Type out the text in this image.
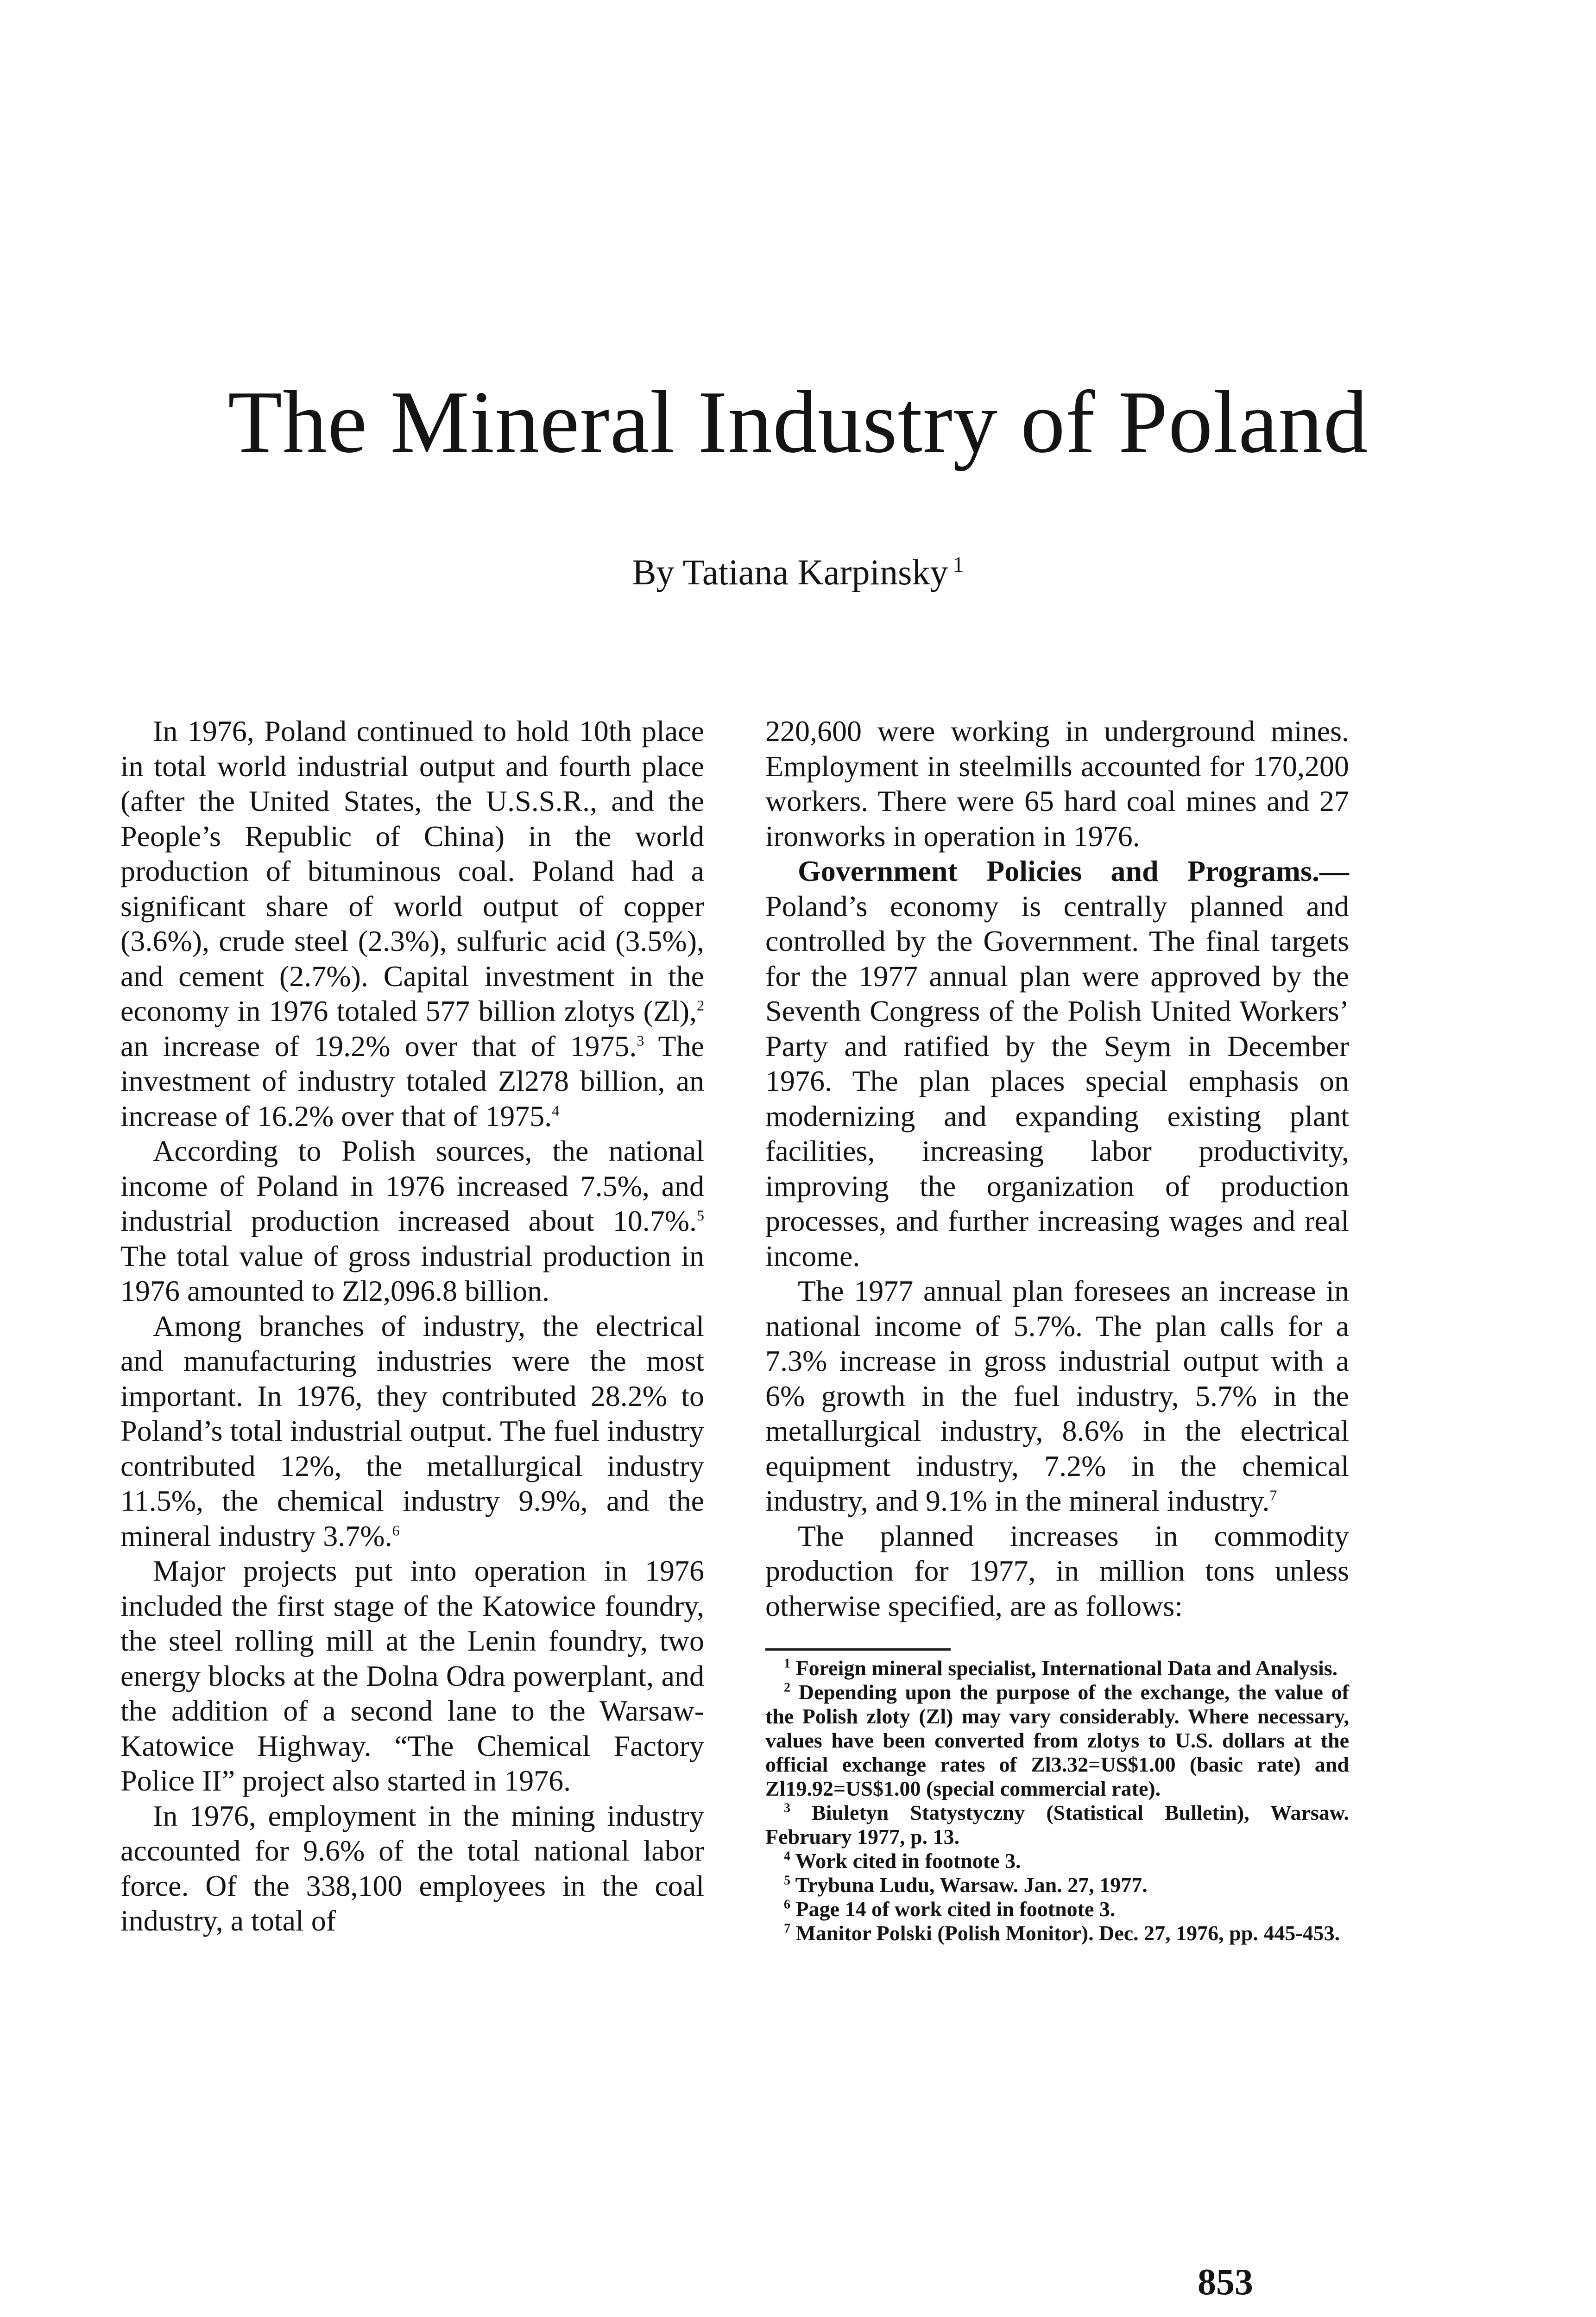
The Mineral Industry of Poland

By Tatiana Karpinsky $^1$

In 1976, Poland continued to hold 10th place in total world industrial output and fourth place (after the United States, the U.S.S.R., and the People’s Republic of China) in the world production of bituminous coal. Poland had a significant share of world output of copper (3.6%), crude steel (2.3%), sulfuric acid (3.5%), and cement (2.7%). Capital investment in the economy in 1976 totaled 577 billion zlotys (Zl),$^2$ an increase of 19.2% over that of 1975.$^3$ The investment of industry totaled Zl278 billion, an increase of 16.2% over that of 1975.$^4$

According to Polish sources, the national income of Poland in 1976 increased 7.5%, and industrial production increased about 10.7%.$^5$ The total value of gross industrial production in 1976 amounted to Zl2,096.8 billion.

Among branches of industry, the electrical and manufacturing industries were the most important. In 1976, they contributed 28.2% to Poland’s total industrial output. The fuel industry contributed 12%, the metallurgical industry 11.5%, the chemical industry 9.9%, and the mineral industry 3.7%.$^6$

Major projects put into operation in 1976 included the first stage of the Katowice foundry, the steel rolling mill at the Lenin foundry, two energy blocks at the Dolna Odra powerplant, and the addition of a second lane to the Warsaw-Katowice Highway. “The Chemical Factory Police II” project also started in 1976.

In 1976, employment in the mining industry accounted for 9.6% of the total national labor force. Of the 338,100 employees in the coal industry, a total of

220,600 were working in underground mines. Employment in steelmills accounted for 170,200 workers. There were 65 hard coal mines and 27 ironworks in operation in 1976.

Government Policies and Programs.—Poland’s economy is centrally planned and controlled by the Government. The final targets for the 1977 annual plan were approved by the Seventh Congress of the Polish United Workers’ Party and ratified by the Seym in December 1976. The plan places special emphasis on modernizing and expanding existing plant facilities, increasing labor productivity, improving the organization of production processes, and further increasing wages and real income.

The 1977 annual plan foresees an increase in national income of 5.7%. The plan calls for a 7.3% increase in gross industrial output with a 6% growth in the fuel industry, 5.7% in the metallurgical industry, 8.6% in the electrical equipment industry, 7.2% in the chemical industry, and 9.1% in the mineral industry.$^7$

The planned increases in commodity production for 1977, in million tons unless otherwise specified, are as follows:

$^1$ Foreign mineral specialist, International Data and Analysis.

$^2$ Depending upon the purpose of the exchange, the value of the Polish zloty (Zl) may vary considerably. Where necessary, values have been converted from zlotys to U.S. dollars at the official exchange rates of Zl3.32=US$1.00 (basic rate) and Zl19.92=US$1.00 (special commercial rate).

$^3$ Biuletyn Statystyczny (Statistical Bulletin), Warsaw. February 1977, p. 13.

$^4$ Work cited in footnote 3.

$^5$ Trybuna Ludu, Warsaw. Jan. 27, 1977.

$^6$ Page 14 of work cited in footnote 3.

$^7$ Manitor Polski (Polish Monitor). Dec. 27, 1976, pp. 445-453.

853
